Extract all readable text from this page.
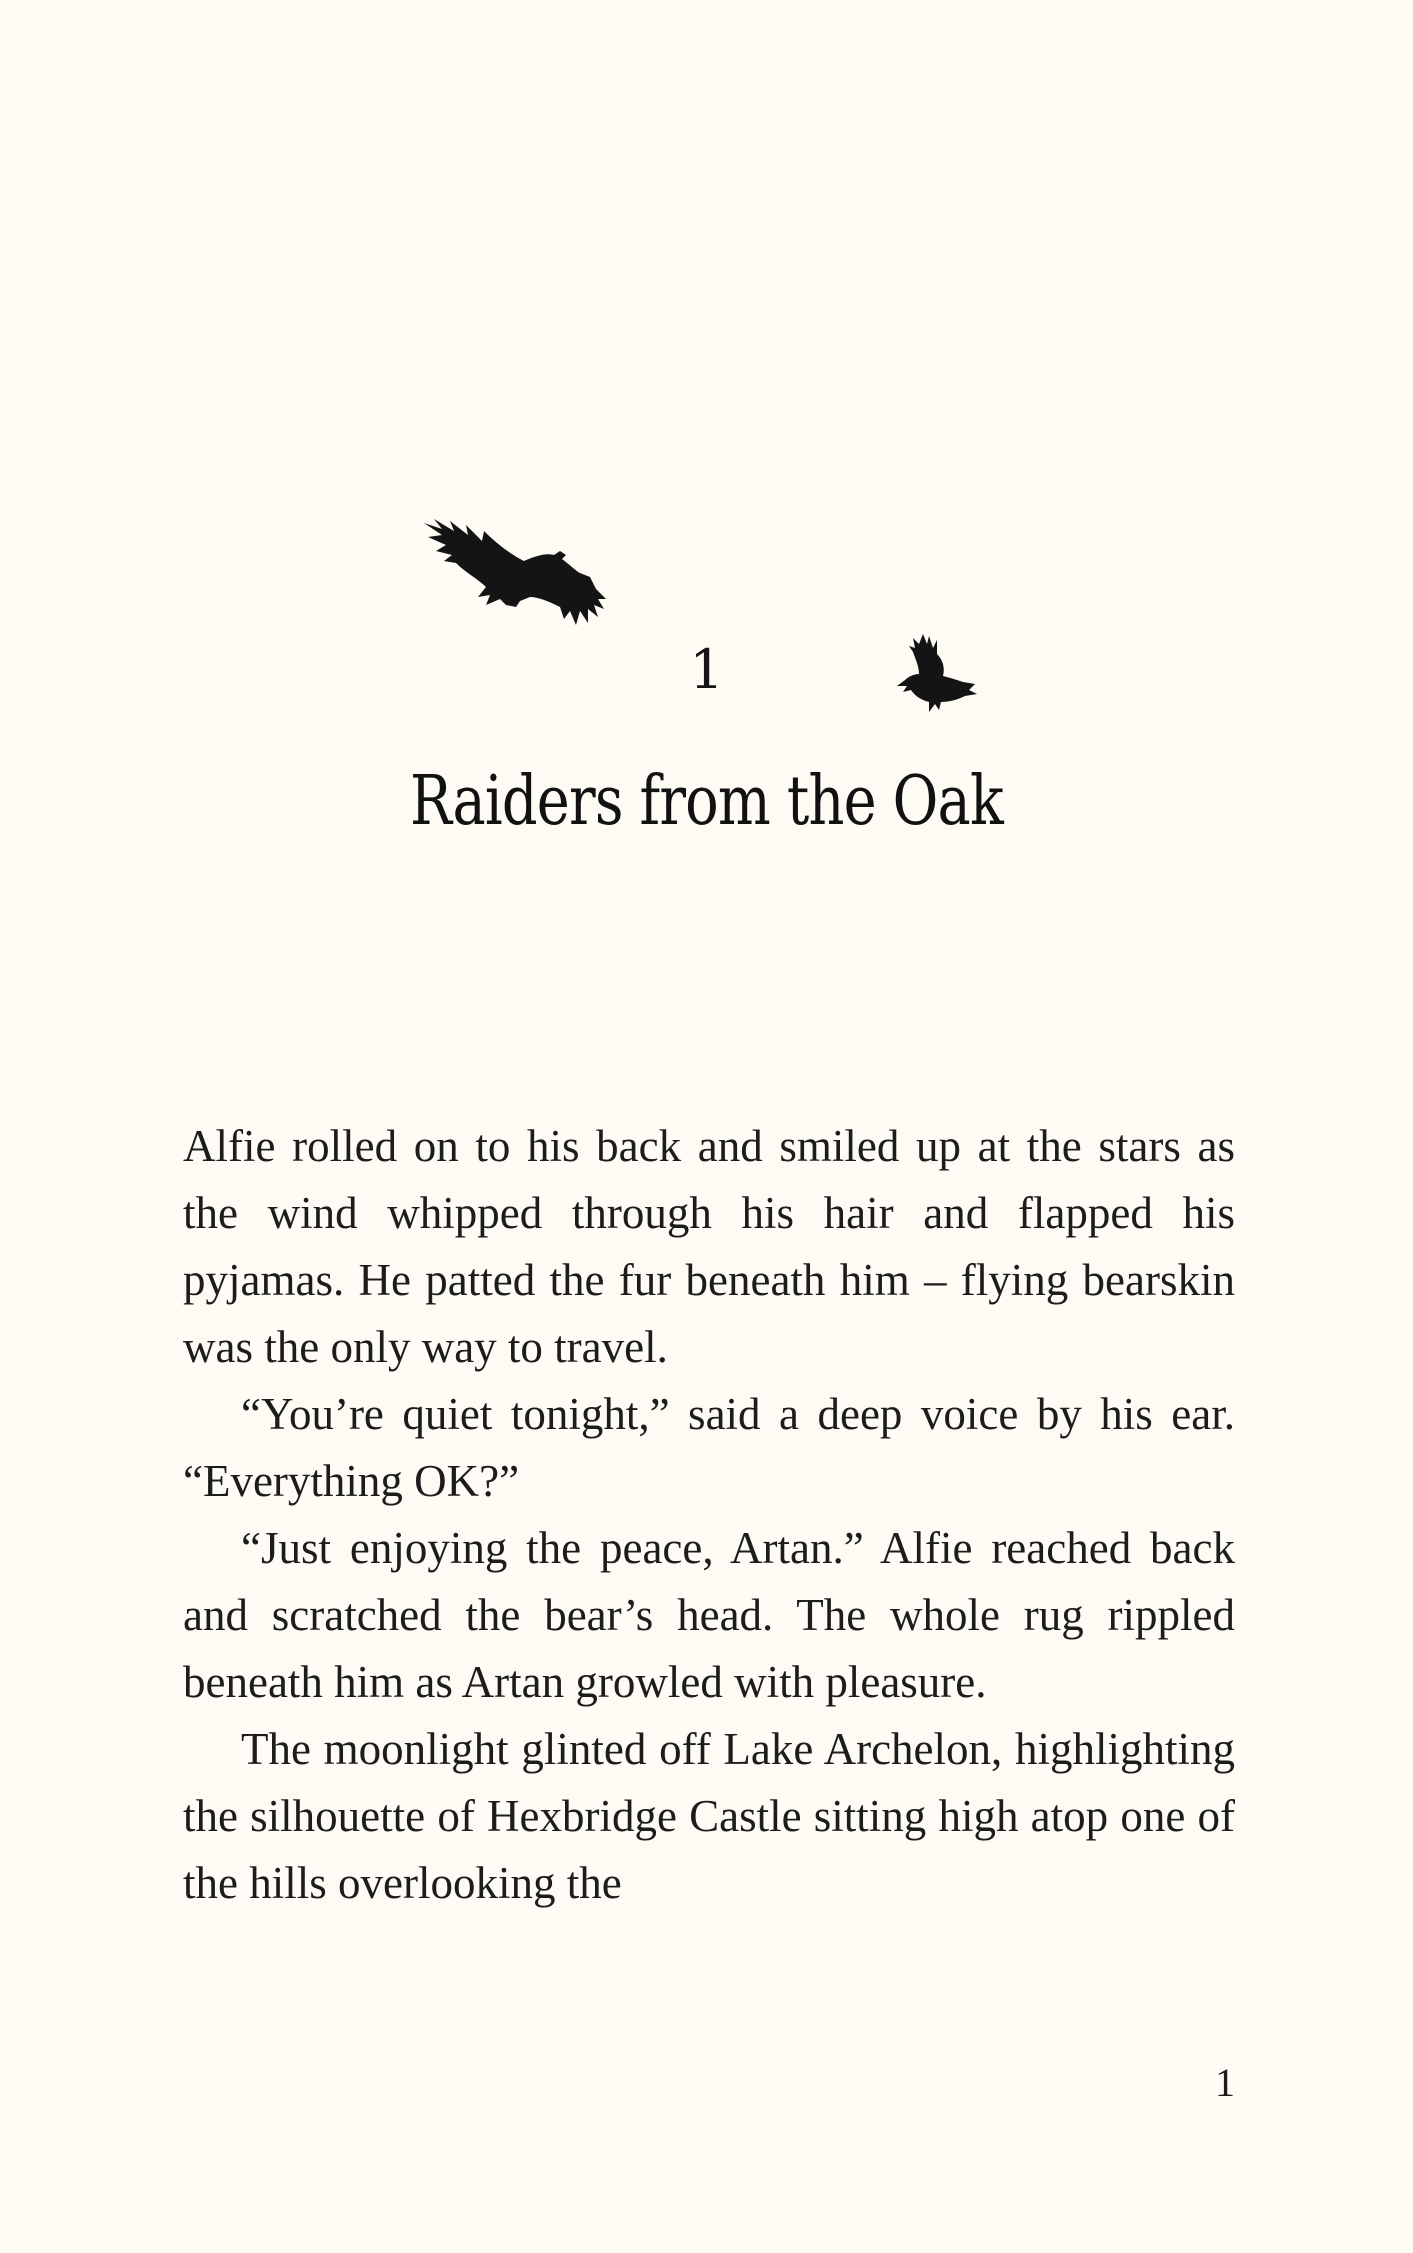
1
Raiders from the Oak

Alfie rolled on to his back and smiled up at the stars as the wind whipped through his hair and flapped his pyjamas. He patted the fur beneath him – flying bearskin was the only way to travel.

“You’re quiet tonight,” said a deep voice by his ear. “Everything OK?”

“Just enjoying the peace, Artan.” Alfie reached back and scratched the bear’s head. The whole rug rippled beneath him as Artan growled with pleasure.

The moonlight glinted off Lake Archelon, highlighting the silhouette of Hexbridge Castle sitting high atop one of the hills overlooking the

1
